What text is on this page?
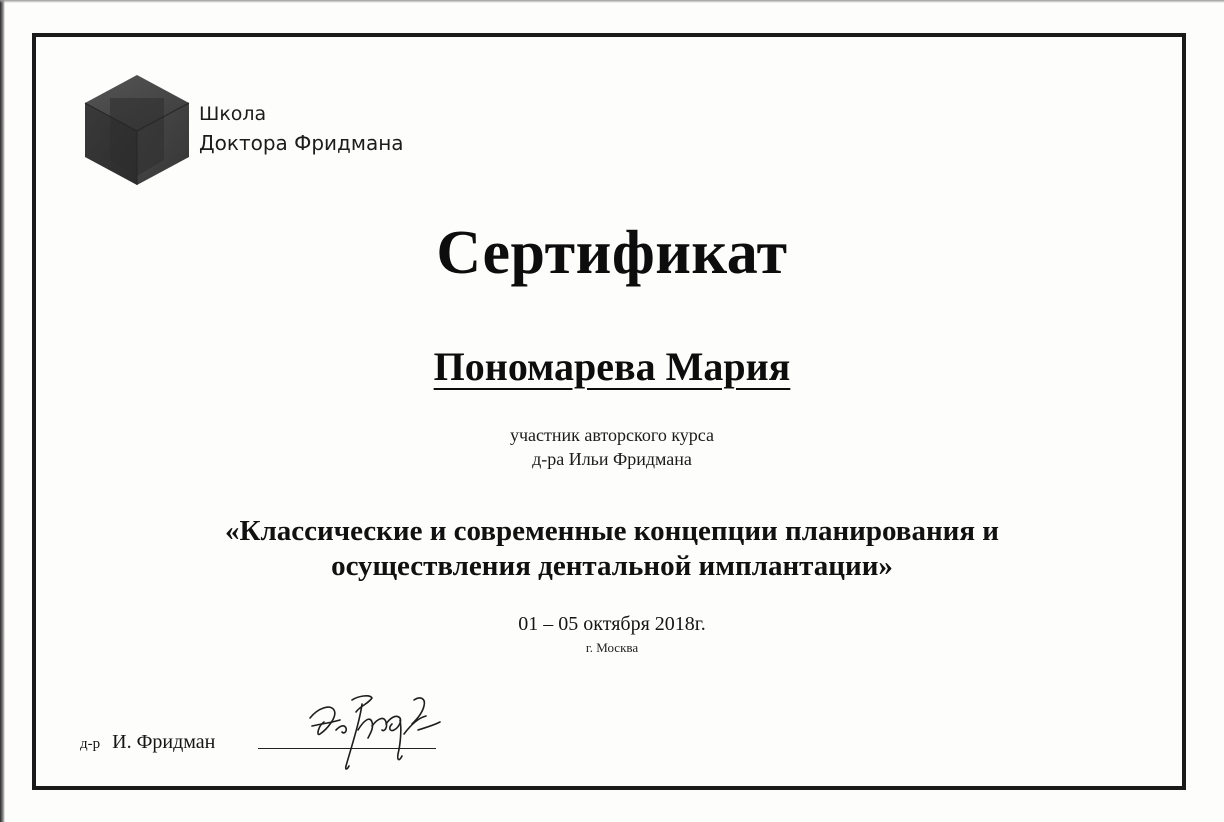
Школа
Доктора Фридмана
Сертификат
Пономарева Мария
участник авторского курса
д-ра Ильи Фридмана
«Классические и современные концепции планирования и
осуществления дентальной имплантации»
01 – 05 октября 2018г.
г. Москва
д-р И. Фридман
